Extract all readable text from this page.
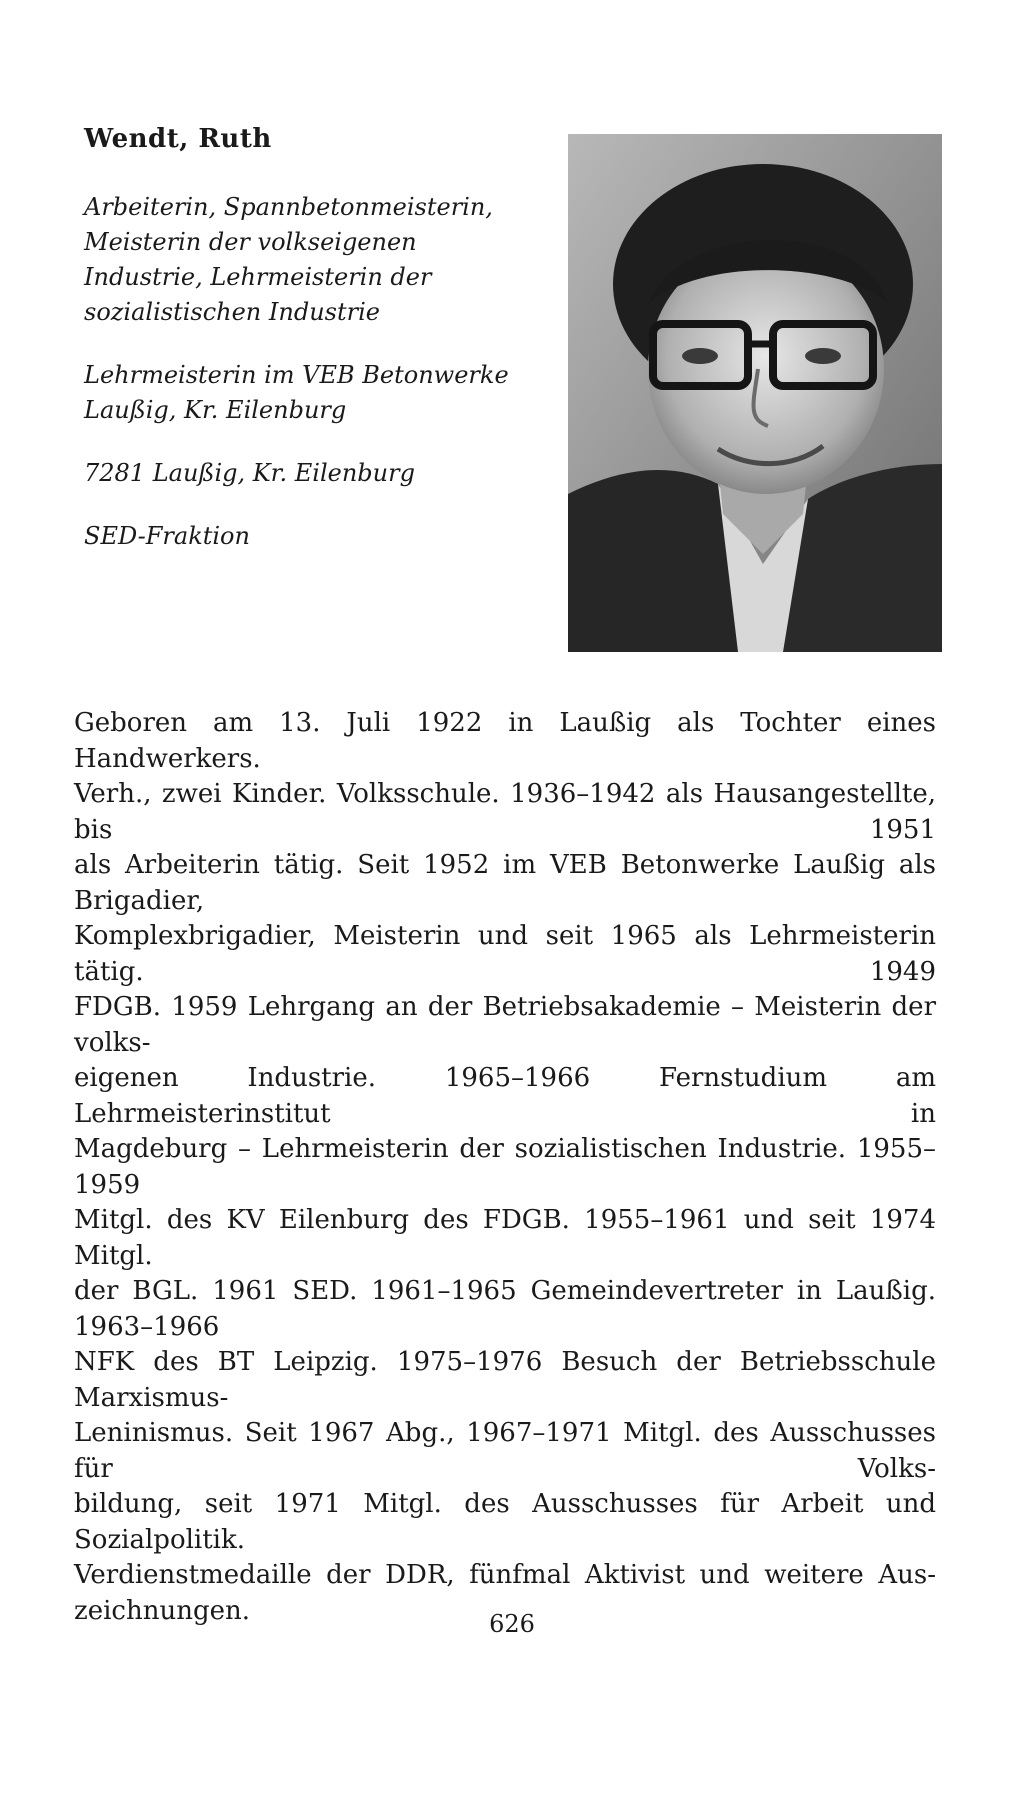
Wendt, Ruth

Arbeiterin, Spannbetonmeisterin,
Meisterin der volkseigenen
Industrie, Lehrmeisterin der
sozialistischen Industrie

Lehrmeisterin im VEB Betonwerke
Laußig, Kr. Eilenburg

7281 Laußig, Kr. Eilenburg

SED-Fraktion

Geboren am 13. Juli 1922 in Laußig als Tochter eines Handwerkers.
Verh., zwei Kinder. Volksschule. 1936–1942 als Hausangestellte, bis 1951
als Arbeiterin tätig. Seit 1952 im VEB Betonwerke Laußig als Brigadier,
Komplexbrigadier, Meisterin und seit 1965 als Lehrmeisterin tätig. 1949
FDGB. 1959 Lehrgang an der Betriebsakademie – Meisterin der volks-
eigenen Industrie. 1965–1966 Fernstudium am Lehrmeisterinstitut in
Magdeburg – Lehrmeisterin der sozialistischen Industrie. 1955–1959
Mitgl. des KV Eilenburg des FDGB. 1955–1961 und seit 1974 Mitgl.
der BGL. 1961 SED. 1961–1965 Gemeindevertreter in Laußig. 1963–1966
NFK des BT Leipzig. 1975–1976 Besuch der Betriebsschule Marxismus-
Leninismus. Seit 1967 Abg., 1967–1971 Mitgl. des Ausschusses für Volks-
bildung, seit 1971 Mitgl. des Ausschusses für Arbeit und Sozialpolitik.
Verdienstmedaille der DDR, fünfmal Aktivist und weitere Aus-
zeichnungen.	626
